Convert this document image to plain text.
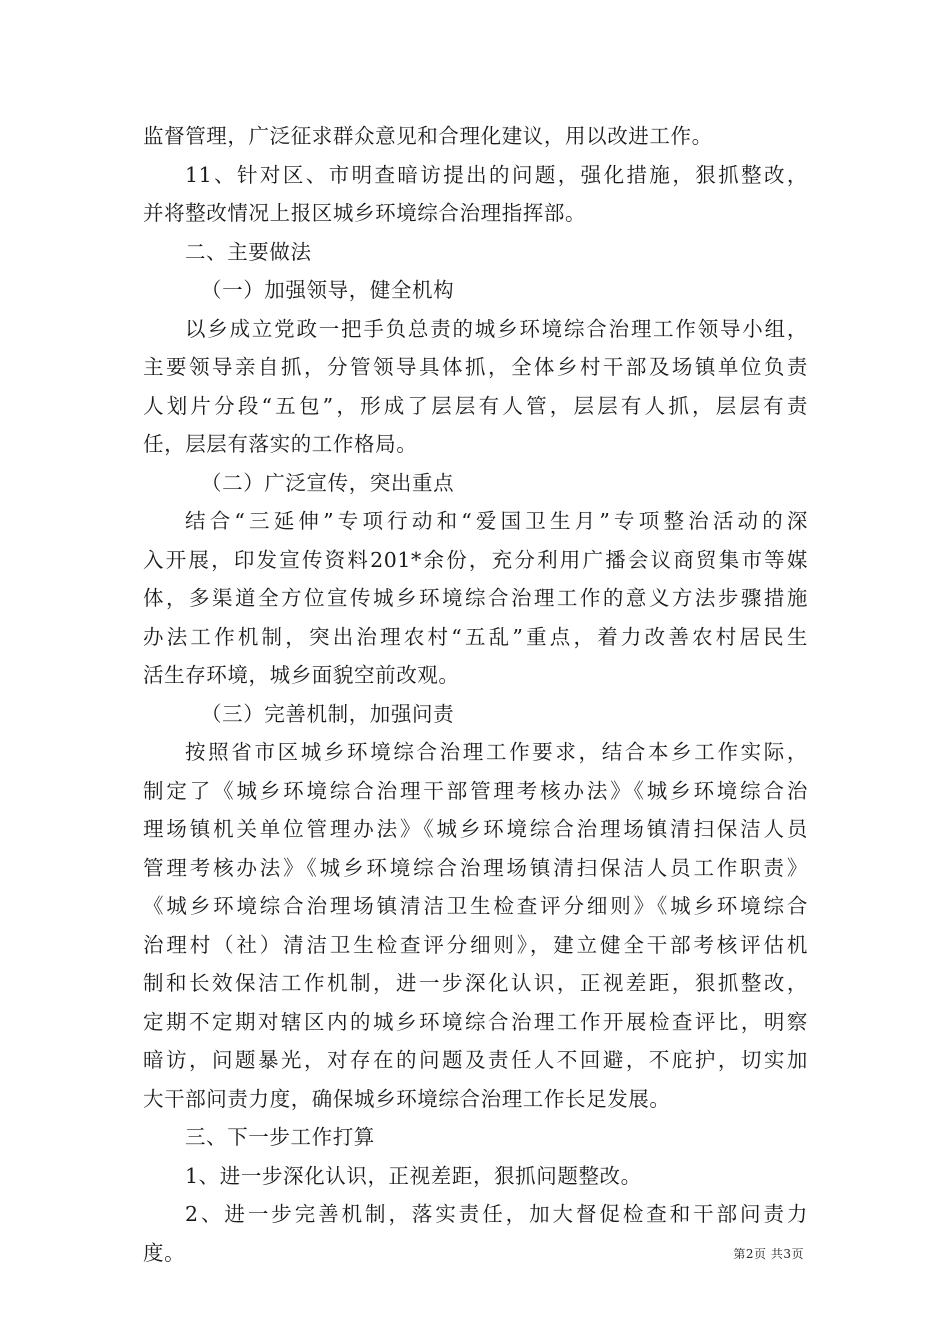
监督管理，广泛征求群众意见和合理化建议，用以改进工作。
11、针对区、市明查暗访提出的问题，强化措施，狠抓整改，
并将整改情况上报区城乡环境综合治理指挥部。
二、主要做法
（一）加强领导，健全机构
以乡成立党政一把手负总责的城乡环境综合治理工作领导小组，
主要领导亲自抓，分管领导具体抓，全体乡村干部及场镇单位负责
人划片分段“五包”，形成了层层有人管，层层有人抓，层层有责
任，层层有落实的工作格局。
（二）广泛宣传，突出重点
结合“三延伸”专项行动和“爱国卫生月”专项整治活动的深
入开展，印发宣传资料201*余份，充分利用广播会议商贸集市等媒
体，多渠道全方位宣传城乡环境综合治理工作的意义方法步骤措施
办法工作机制，突出治理农村“五乱”重点，着力改善农村居民生
活生存环境，城乡面貌空前改观。
（三）完善机制，加强问责
按照省市区城乡环境综合治理工作要求，结合本乡工作实际，
制定了《城乡环境综合治理干部管理考核办法》《城乡环境综合治
理场镇机关单位管理办法》《城乡环境综合治理场镇清扫保洁人员
管理考核办法》《城乡环境综合治理场镇清扫保洁人员工作职责》
《城乡环境综合治理场镇清洁卫生检查评分细则》《城乡环境综合
治理村（社）清洁卫生检查评分细则》，建立健全干部考核评估机
制和长效保洁工作机制，进一步深化认识，正视差距，狠抓整改，
定期不定期对辖区内的城乡环境综合治理工作开展检查评比，明察
暗访，问题暴光，对存在的问题及责任人不回避，不庇护，切实加
大干部问责力度，确保城乡环境综合治理工作长足发展。
三、下一步工作打算
1、进一步深化认识，正视差距，狠抓问题整改。
2、进一步完善机制，落实责任，加大督促检查和干部问责力
度。	第2页 共3页
